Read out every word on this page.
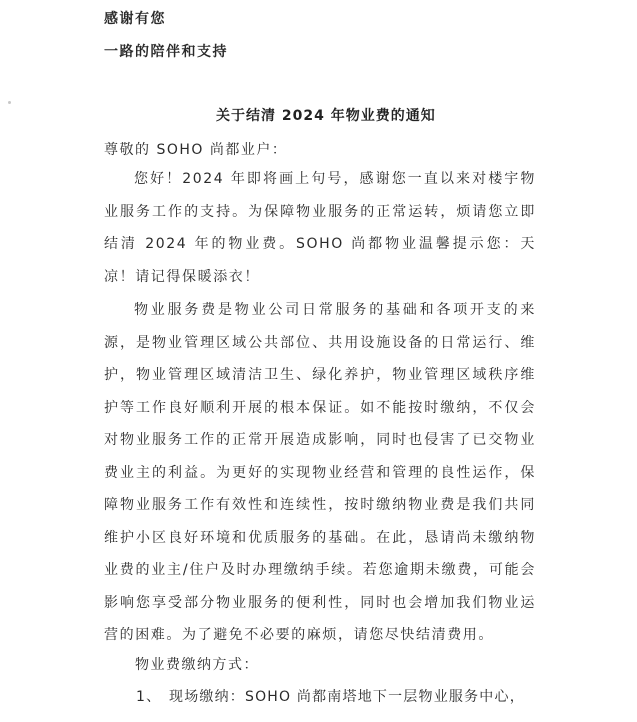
感谢有您
一路的陪伴和支持
关于结清 2024 年物业费的通知
尊敬的 SOHO 尚都业户：

您好！2024 年即将画上句号，感谢您一直以来对楼宇物业服务工作的支持。为保障物业服务的正常运转，烦请您立即结清 2024 年的物业费。SOHO 尚都物业温馨提示您：天凉！请记得保暖添衣！

物业服务费是物业公司日常服务的基础和各项开支的来源，是物业管理区域公共部位、共用设施设备的日常运行、维护，物业管理区域清洁卫生、绿化养护，物业管理区域秩序维护等工作良好顺利开展的根本保证。如不能按时缴纳，不仅会对物业服务工作的正常开展造成影响，同时也侵害了已交物业费业主的利益。为更好的实现物业经营和管理的良性运作，保障物业服务工作有效性和连续性，按时缴纳物业费是我们共同维护小区良好环境和优质服务的基础。在此，恳请尚未缴纳物业费的业主/住户及时办理缴纳手续。若您逾期未缴费，可能会影响您享受部分物业服务的便利性，同时也会增加我们物业运营的困难。为了避免不必要的麻烦，请您尽快结清费用。

物业费缴纳方式：
1、 现场缴纳：SOHO 尚都南塔地下一层物业服务中心，
